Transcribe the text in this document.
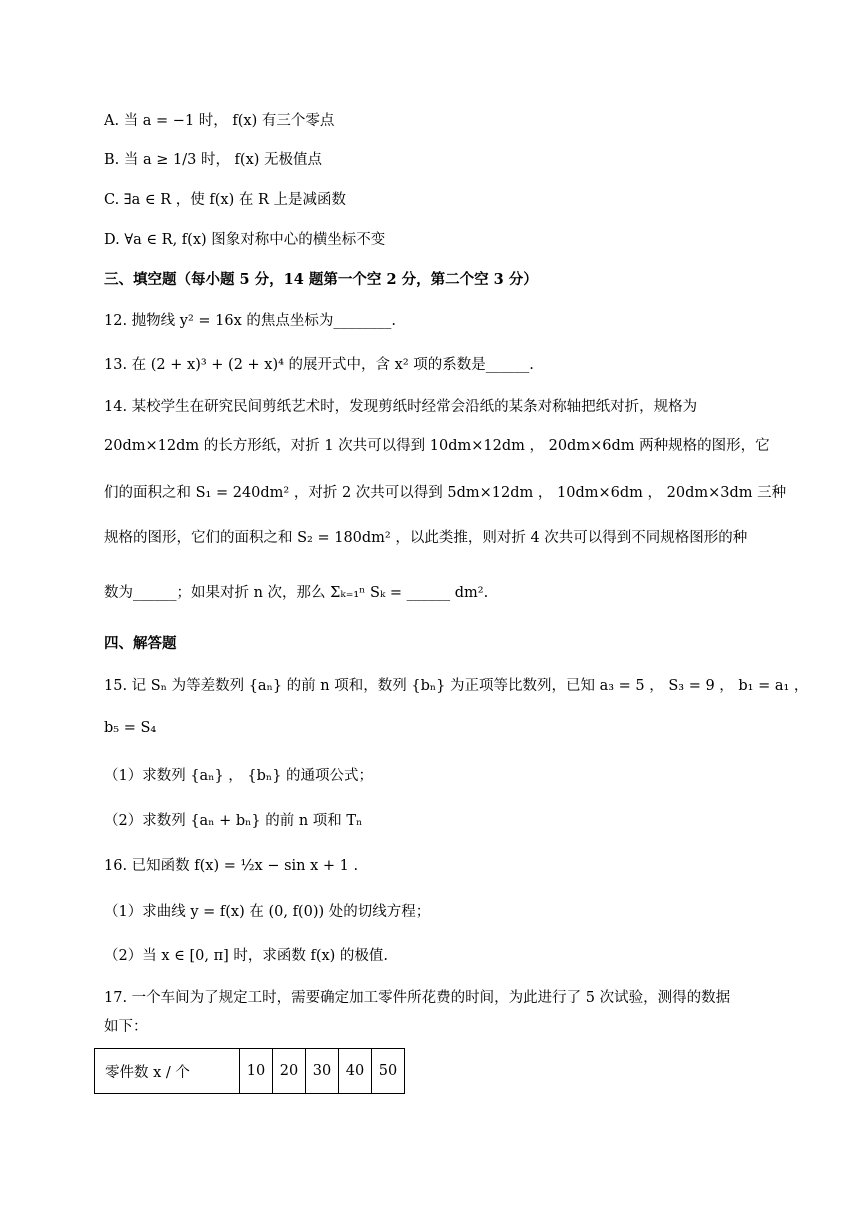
A. 当 a = −1 时， f(x) 有三个零点
B. 当 a ≥ 1/3 时， f(x) 无极值点
C. ∃a ∈ R ，使 f(x) 在 R 上是减函数
D. ∀a ∈ R, f(x) 图象对称中心的横坐标不变
三、填空题（每小题 5 分，14 题第一个空 2 分，第二个空 3 分）
12. 抛物线 y² = 16x 的焦点坐标为________.
13. 在 (2 + x)³ + (2 + x)⁴ 的展开式中，含 x² 项的系数是______.
14. 某校学生在研究民间剪纸艺术时，发现剪纸时经常会沿纸的某条对称轴把纸对折，规格为
20dm×12dm 的长方形纸，对折 1 次共可以得到 10dm×12dm ， 20dm×6dm 两种规格的图形，它
们的面积之和 S₁ = 240dm² ，对折 2 次共可以得到 5dm×12dm ， 10dm×6dm ， 20dm×3dm 三种
规格的图形，它们的面积之和 S₂ = 180dm² ，以此类推，则对折 4 次共可以得到不同规格图形的种
数为______；如果对折 n 次，那么 Σₖ₌₁ⁿ Sₖ = ______ dm².
四、解答题
15. 记 Sₙ 为等差数列 {aₙ} 的前 n 项和，数列 {bₙ} 为正项等比数列，已知 a₃ = 5 ， S₃ = 9 ， b₁ = a₁ ，
b₅ = S₄
（1）求数列 {aₙ} ， {bₙ} 的通项公式；
（2）求数列 {aₙ + bₙ} 的前 n 项和 Tₙ
16. 已知函数 f(x) = ½x − sin x + 1 .
（1）求曲线 y = f(x) 在 (0, f(0)) 处的切线方程；
（2）当 x ∈ [0, π] 时，求函数 f(x) 的极值.
17. 一个车间为了规定工时，需要确定加工零件所花费的时间，为此进行了 5 次试验，测得的数据
如下：
零件数 x / 个	10	20	30	40	50
